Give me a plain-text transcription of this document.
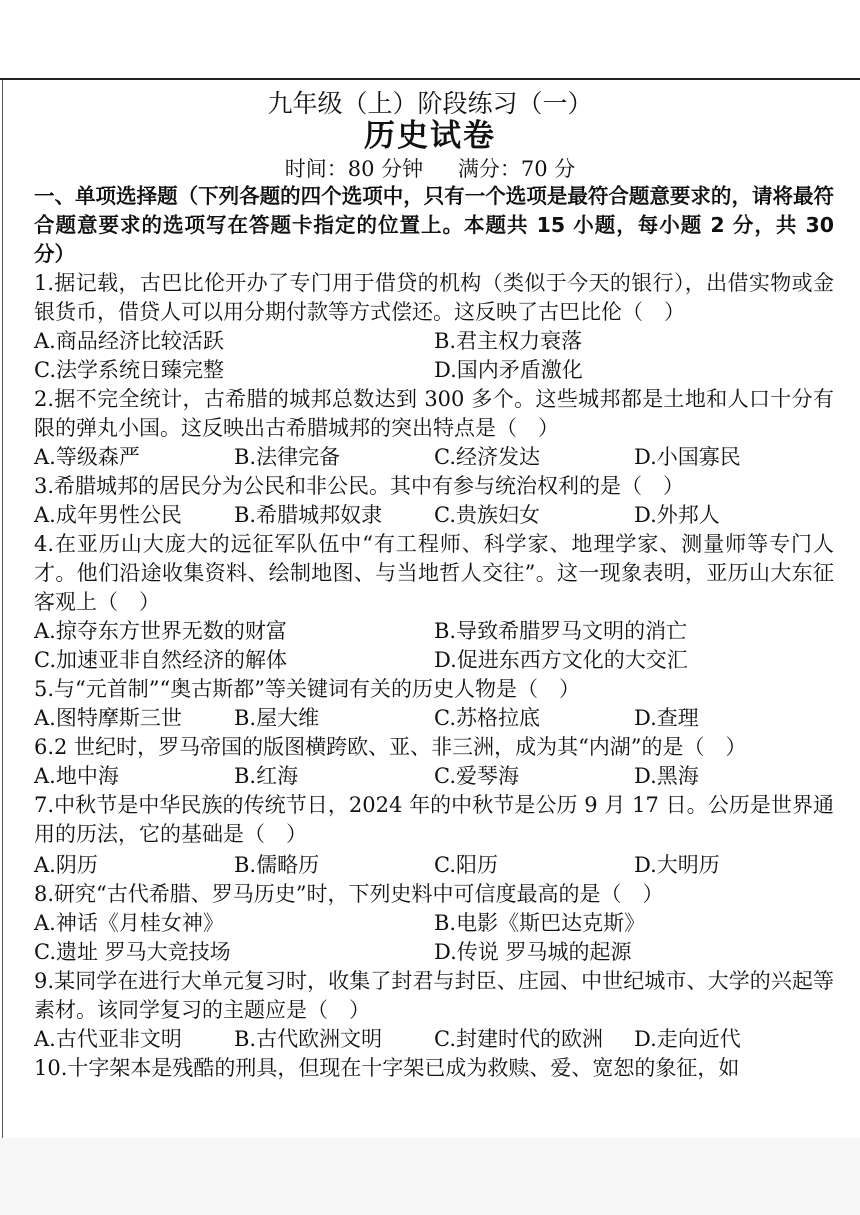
九年级（上）阶段练习（一）
历史试卷
时间：80 分钟 满分：70 分
一、单项选择题（下列各题的四个选项中，只有一个选项是最符合题意要求的，请将最符合题意要求的选项写在答题卡指定的位置上。本题共 15 小题，每小题 2 分，共 30 分）
1.据记载，古巴比伦开办了专门用于借贷的机构（类似于今天的银行），出借实物或金银货币，借贷人可以用分期付款等方式偿还。这反映了古巴比伦（　）
A.商品经济比较活跃	B.君主权力衰落
C.法学系统日臻完整	D.国内矛盾激化
2.据不完全统计，古希腊的城邦总数达到 300 多个。这些城邦都是土地和人口十分有限的弹丸小国。这反映出古希腊城邦的突出特点是（　）
A.等级森严	B.法律完备	C.经济发达	D.小国寡民
3.希腊城邦的居民分为公民和非公民。其中有参与统治权利的是（　）
A.成年男性公民	B.希腊城邦奴隶	C.贵族妇女	D.外邦人
4.在亚历山大庞大的远征军队伍中“有工程师、科学家、地理学家、测量师等专门人才。他们沿途收集资料、绘制地图、与当地哲人交往”。这一现象表明，亚历山大东征客观上（　）
A.掠夺东方世界无数的财富	B.导致希腊罗马文明的消亡
C.加速亚非自然经济的解体	D.促进东西方文化的大交汇
5.与“元首制”“奥古斯都”等关键词有关的历史人物是（　）
A.图特摩斯三世	B.屋大维	C.苏格拉底	D.查理
6.2 世纪时，罗马帝国的版图横跨欧、亚、非三洲，成为其“内湖”的是（　）
A.地中海	B.红海	C.爱琴海	D.黑海
7.中秋节是中华民族的传统节日，2024 年的中秋节是公历 9 月 17 日。公历是世界通用的历法，它的基础是（　）
A.阴历	B.儒略历	C.阳历	D.大明历
8.研究“古代希腊、罗马历史”时，下列史料中可信度最高的是（　）
A.神话《月桂女神》	B.电影《斯巴达克斯》
C.遗址 罗马大竞技场	D.传说 罗马城的起源
9.某同学在进行大单元复习时，收集了封君与封臣、庄园、中世纪城市、大学的兴起等素材。该同学复习的主题应是（　）
A.古代亚非文明	B.古代欧洲文明	C.封建时代的欧洲	D.走向近代
10.十字架本是残酷的刑具，但现在十字架已成为救赎、爱、宽恕的象征，如
